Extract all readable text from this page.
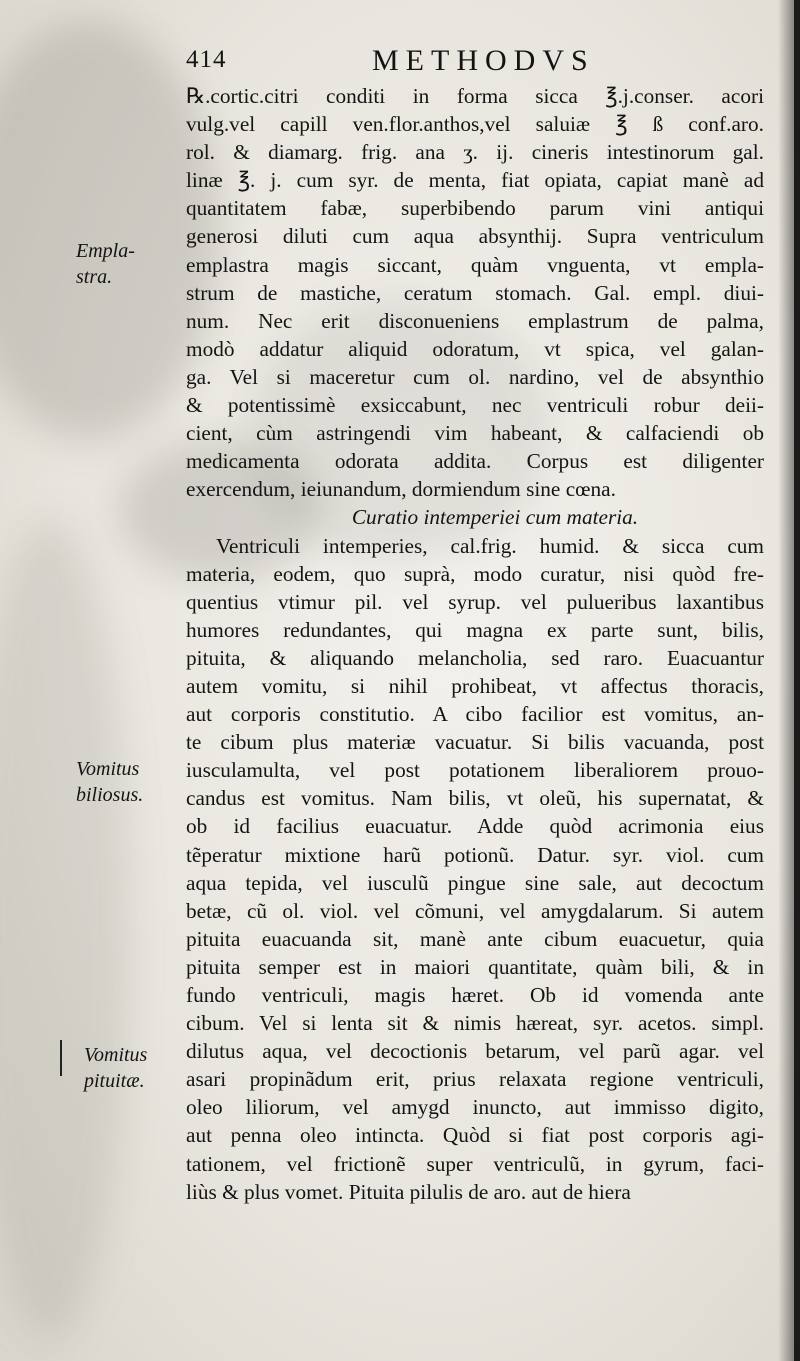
414	METHODVS
Empla-
stra.
Vomitus
biliosus.
Vomitus
pituitæ.
℞.cortic.citri conditi in forma sicca ℥.j.conser. acori
vulg.vel capill ven.flor.anthos,vel saluiæ ℥ ß conf.aro.
rol. & diamarg. frig. ana ʒ. ij. cineris intestinorum gal.
linæ ℥. j. cum syr. de menta, fiat opiata, capiat manè ad
quantitatem fabæ, superbibendo parum vini antiqui
generosi diluti cum aqua absynthij. Supra ventriculum
emplastra magis siccant, quàm vnguenta, vt empla-
strum de mastiche, ceratum stomach. Gal. empl. diui-
num. Nec erit disconueniens emplastrum de palma,
modò addatur aliquid odoratum, vt spica, vel galan-
ga. Vel si maceretur cum ol. nardino, vel de absynthio
& potentissimè exsiccabunt, nec ventriculi robur deii-
cient, cùm astringendi vim habeant, & calfaciendi ob
medicamenta odorata addita. Corpus est diligenter
exercendum, ieiunandum, dormiendum sine cœna.
Curatio intemperiei cum materia.
Ventriculi intemperies, cal.frig. humid. & sicca cum
materia, eodem, quo suprà, modo curatur, nisi quòd fre-
quentius vtimur pil. vel syrup. vel pulueribus laxantibus
humores redundantes, qui magna ex parte sunt, bilis,
pituita, & aliquando melancholia, sed raro. Euacuantur
autem vomitu, si nihil prohibeat, vt affectus thoracis,
aut corporis constitutio. A cibo facilior est vomitus, an-
te cibum plus materiæ vacuatur. Si bilis vacuanda, post
iusculamulta, vel post potationem liberaliorem prouo-
candus est vomitus. Nam bilis, vt oleũ, his supernatat, &
ob id facilius euacuatur. Adde quòd acrimonia eius
tẽperatur mixtione harũ potionũ. Datur. syr. viol. cum
aqua tepida, vel iusculũ pingue sine sale, aut decoctum
betæ, cũ ol. viol. vel cõmuni, vel amygdalarum. Si autem
pituita euacuanda sit, manè ante cibum euacuetur, quia
pituita semper est in maiori quantitate, quàm bili, & in
fundo ventriculi, magis hæret. Ob id vomenda ante
cibum. Vel si lenta sit & nimis hæreat, syr. acetos. simpl.
dilutus aqua, vel decoctionis betarum, vel parũ agar. vel
asari propinãdum erit, prius relaxata regione ventriculi,
oleo liliorum, vel amygd inuncto, aut immisso digito,
aut penna oleo intincta. Quòd si fiat post corporis agi-
tationem, vel frictionẽ super ventriculũ, in gyrum, faci-
liùs & plus vomet. Pituita pilulis de aro. aut de hiera
